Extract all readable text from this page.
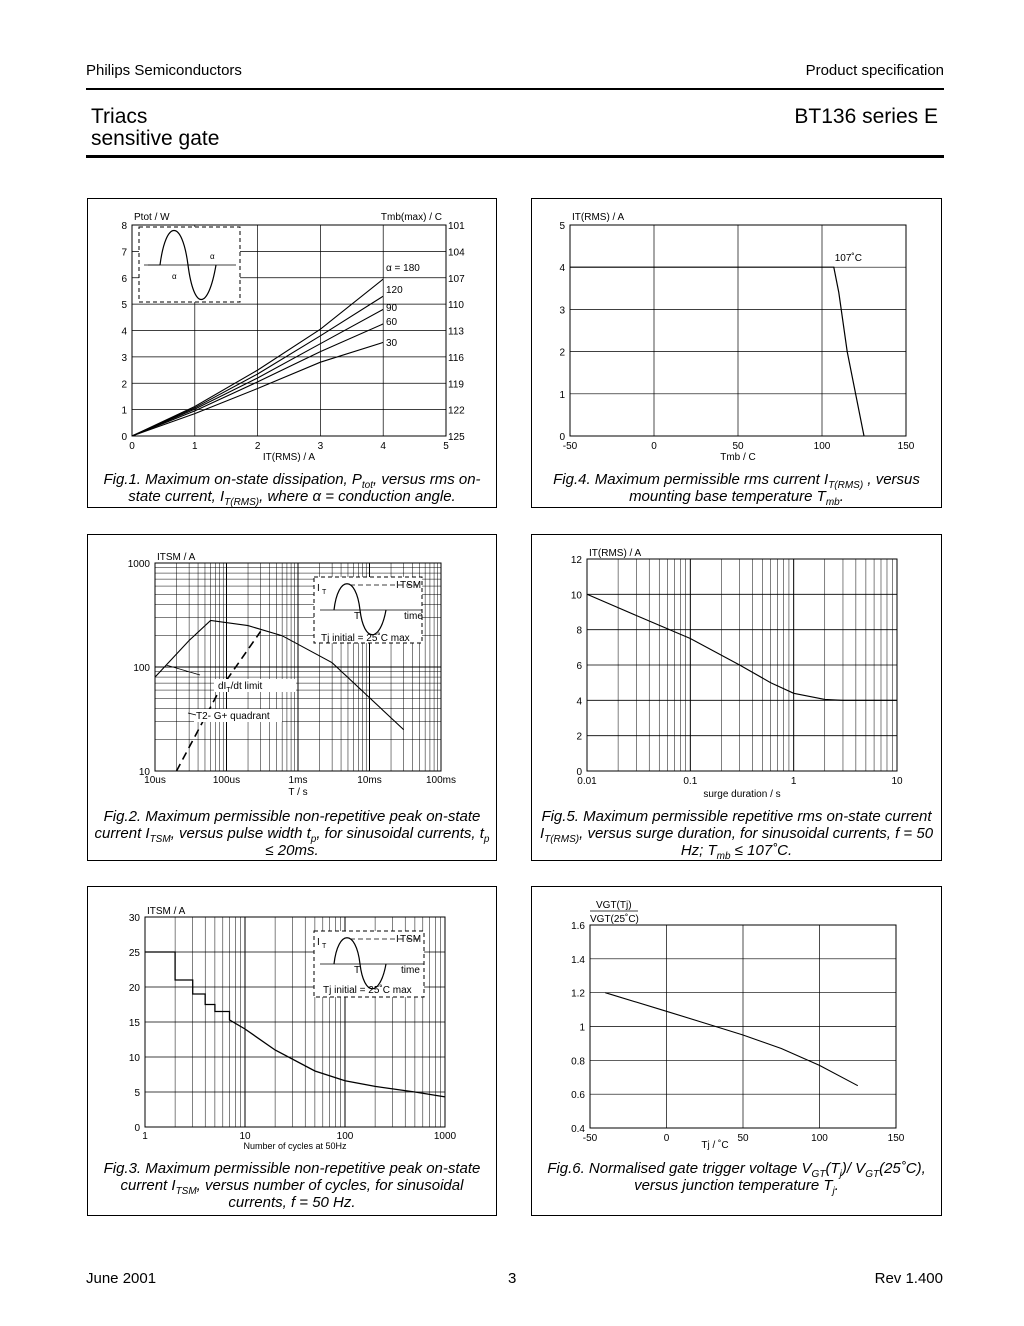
Philips Semiconductors	Product specification
Triacs
sensitive gate
BT136 series E
0	1	2	3	4	5
0
1
2
3
4
5
6
7
8
125
122
119
116
113
110
107
104
101
IT(RMS) / A
Ptot / W	Tmb(max) / C
α = 180
120
90
60
30
α
α
Fig.1. Maximum on-state dissipation, $P_{tot}$, versus rms on-state current, $I_{T(RMS)}$, where α = conduction angle.
-50	0	50	100	150
0
1
2
3
4
5
Tmb / C
IT(RMS) / A
107˚C
Fig.4. Maximum permissible rms current $I_{T(RMS)}$ , versus mounting base temperature $T_{mb}$.
10us	100us	1ms	10ms	100ms
10
100
1000
T / s
ITSM / A
$dI_T/dt$ limit
T2- G+ quadrant
I T
I TSM
T	time
Tj initial = 25˚C max
Fig.2. Maximum permissible non-repetitive peak on-state current $I_{TSM}$, versus pulse width $t_p$, for sinusoidal currents, $t_p \le 20ms$.
0.01	0.1	1	10
0
2
4
6
8
10
12
surge duration / s
IT(RMS) / A
Fig.5. Maximum permissible repetitive rms on-state current $I_{T(RMS)}$, versus surge duration, for sinusoidal currents, f = 50 Hz; $T_{mb}$ ≤ 107˚C.
1	10	100	1000
0
5
10
15
20
25
30
Number of cycles at 50Hz
ITSM / A
I T
I TSM
T	time
Tj initial = 25˚C max
Fig.3. Maximum permissible non-repetitive peak on-state current $I_{TSM}$, versus number of cycles, for sinusoidal currents, f = 50 Hz.
-50	0	50	100	150
0.4
0.6
0.8
1
1.2
1.4
1.6
Tj / ˚C
VGT(Tj)
VGT(25˚C)
Fig.6. Normalised gate trigger voltage $V_{GT}(T_j)/$ $V_{GT}(25˚C)$, versus junction temperature $T_j$.
June 2001	3	Rev 1.400
